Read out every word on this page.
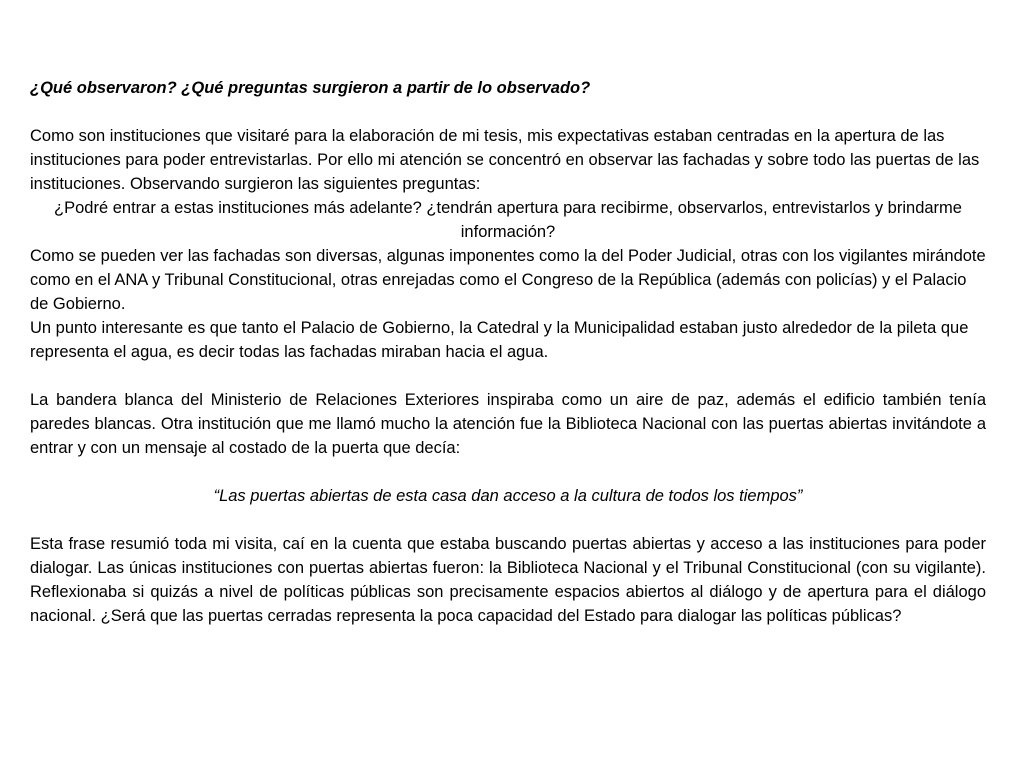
¿Qué observaron? ¿Qué preguntas surgieron a partir de lo observado?

Como son instituciones que visitaré para la elaboración de mi tesis, mis expectativas estaban centradas en la apertura de las instituciones para poder entrevistarlas. Por ello mi atención se concentró en observar las fachadas y sobre todo las puertas de las instituciones. Observando surgieron las siguientes preguntas:

¿Podré entrar a estas instituciones más adelante? ¿tendrán apertura para recibirme, observarlos, entrevistarlos y brindarme información?

Como se pueden ver las fachadas son diversas, algunas imponentes como la del Poder Judicial, otras con los vigilantes mirándote como en el ANA y Tribunal Constitucional, otras enrejadas como el Congreso de la República (además con policías) y el Palacio de Gobierno.

Un punto interesante es que tanto el Palacio de Gobierno, la Catedral y la Municipalidad estaban justo alrededor de la pileta que representa el agua, es decir todas las fachadas miraban hacia el agua.

La bandera blanca del Ministerio de Relaciones Exteriores inspiraba como un aire de paz, además el edificio también tenía paredes blancas. Otra institución que me llamó mucho la atención fue la Biblioteca Nacional con las puertas abiertas invitándote a entrar y con un mensaje al costado de la puerta que decía:

“Las puertas abiertas de esta casa dan acceso a la cultura de todos los tiempos”

Esta frase resumió toda mi visita, caí en la cuenta que estaba buscando puertas abiertas y acceso a las instituciones para poder dialogar. Las únicas instituciones con puertas abiertas fueron: la Biblioteca Nacional y el Tribunal Constitucional (con su vigilante). Reflexionaba si quizás a nivel de políticas públicas son precisamente espacios abiertos al diálogo y de apertura para el diálogo nacional. ¿Será que las puertas cerradas representa la poca capacidad del Estado para dialogar las políticas públicas?
